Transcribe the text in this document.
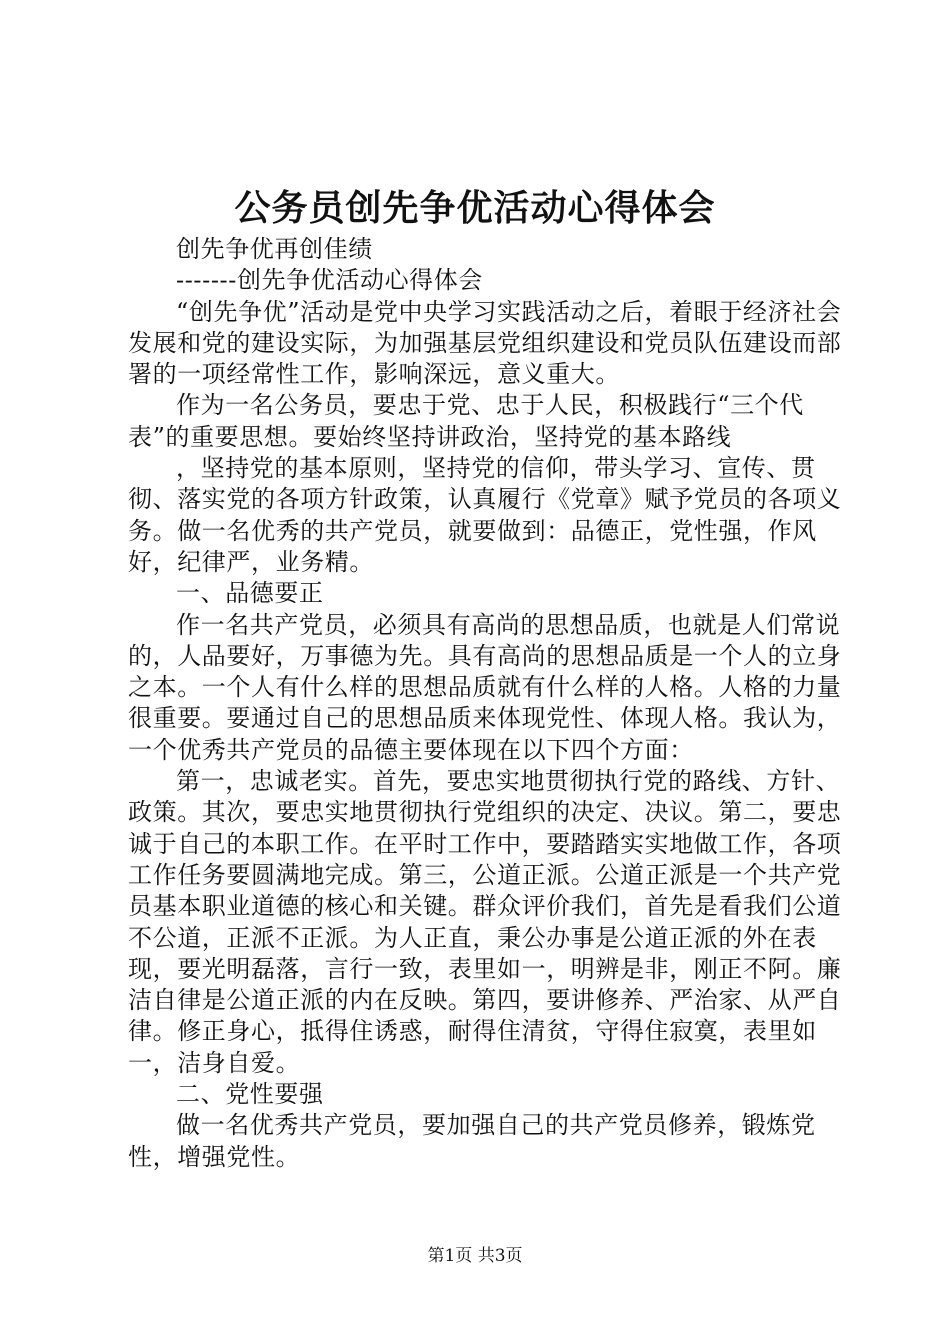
公务员创先争优活动心得体会

创先争优再创佳绩

-------创先争优活动心得体会

“创先争优”活动是党中央学习实践活动之后，着眼于经济社会发展和党的建设实际，为加强基层党组织建设和党员队伍建设而部署的一项经常性工作，影响深远，意义重大。

作为一名公务员，要忠于党、忠于人民，积极践行“三个代表”的重要思想。要始终坚持讲政治，坚持党的基本路线

，坚持党的基本原则，坚持党的信仰，带头学习、宣传、贯彻、落实党的各项方针政策，认真履行《党章》赋予党员的各项义务。做一名优秀的共产党员，就要做到：品德正，党性强，作风好，纪律严，业务精。

一、品德要正

作一名共产党员，必须具有高尚的思想品质，也就是人们常说的，人品要好，万事德为先。具有高尚的思想品质是一个人的立身之本。一个人有什么样的思想品质就有什么样的人格。人格的力量很重要。要通过自己的思想品质来体现党性、体现人格。我认为，一个优秀共产党员的品德主要体现在以下四个方面：

第一，忠诚老实。首先，要忠实地贯彻执行党的路线、方针、政策。其次，要忠实地贯彻执行党组织的决定、决议。第二，要忠诚于自己的本职工作。在平时工作中，要踏踏实实地做工作，各项工作任务要圆满地完成。第三，公道正派。公道正派是一个共产党员基本职业道德的核心和关键。群众评价我们，首先是看我们公道不公道，正派不正派。为人正直，秉公办事是公道正派的外在表现，要光明磊落，言行一致，表里如一，明辨是非，刚正不阿。廉洁自律是公道正派的内在反映。第四，要讲修养、严治家、从严自律。修正身心，抵得住诱惑，耐得住清贫，守得住寂寞，表里如一，洁身自爱。

二、党性要强

做一名优秀共产党员，要加强自己的共产党员修养，锻炼党性，增强党性。

第1页 共3页
